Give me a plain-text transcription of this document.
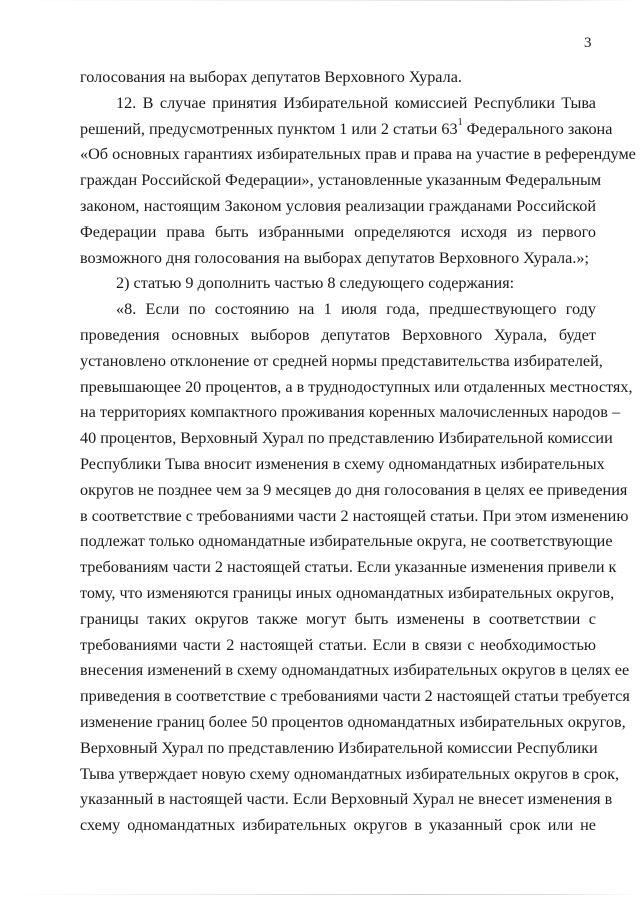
3
голосования на выборах депутатов Верховного Хурала.
12. В случае принятия Избирательной комиссией Республики Тыва
решений, предусмотренных пунктом 1 или 2 статьи $63^1$ Федерального закона
«Об основных гарантиях избирательных прав и права на участие в референдуме
граждан Российской Федерации», установленные указанным Федеральным
законом, настоящим Законом условия реализации гражданами Российской
Федерации права быть избранными определяются исходя из первого
возможного дня голосования на выборах депутатов Верховного Хурала.»;
2) статью 9 дополнить частью 8 следующего содержания:
«8. Если по состоянию на 1 июля года, предшествующего году
проведения основных выборов депутатов Верховного Хурала, будет
установлено отклонение от средней нормы представительства избирателей,
превышающее 20 процентов, а в труднодоступных или отдаленных местностях,
на территориях компактного проживания коренных малочисленных народов –
40 процентов, Верховный Хурал по представлению Избирательной комиссии
Республики Тыва вносит изменения в схему одномандатных избирательных
округов не позднее чем за 9 месяцев до дня голосования в целях ее приведения
в соответствие с требованиями части 2 настоящей статьи. При этом изменению
подлежат только одномандатные избирательные округа, не соответствующие
требованиям части 2 настоящей статьи. Если указанные изменения привели к
тому, что изменяются границы иных одномандатных избирательных округов,
границы таких округов также могут быть изменены в соответствии с
требованиями части 2 настоящей статьи. Если в связи с необходимостью
внесения изменений в схему одномандатных избирательных округов в целях ее
приведения в соответствие с требованиями части 2 настоящей статьи требуется
изменение границ более 50 процентов одномандатных избирательных округов,
Верховный Хурал по представлению Избирательной комиссии Республики
Тыва утверждает новую схему одномандатных избирательных округов в срок,
указанный в настоящей части. Если Верховный Хурал не внесет изменения в
схему одномандатных избирательных округов в указанный срок или не
